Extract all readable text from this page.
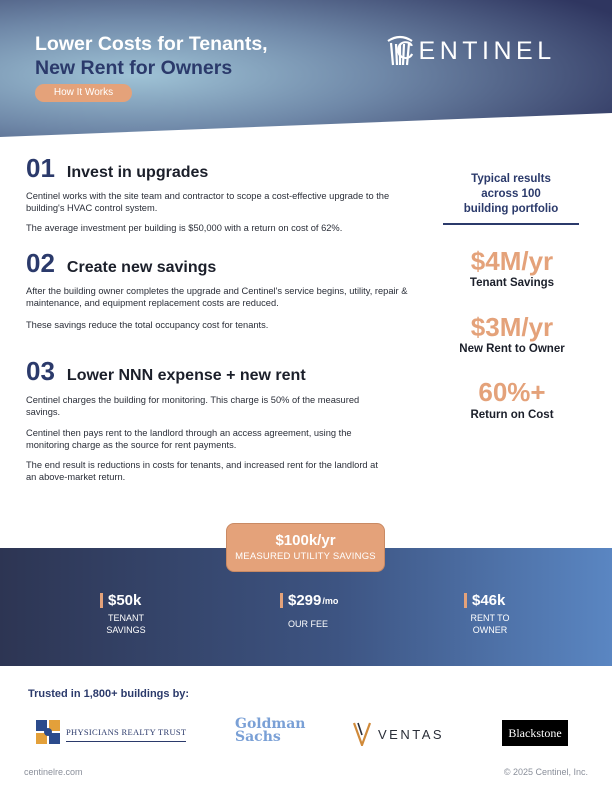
Lower Costs for Tenants,
New Rent for Owners
How It Works
CENTINEL
01 Invest in upgrades

Centinel works with the site team and contractor to scope a cost-effective upgrade to the building's HVAC control system.

The average investment per building is $50,000 with a return on cost of 62%.

02 Create new savings

After the building owner completes the upgrade and Centinel's service begins, utility, repair & maintenance, and equipment replacement costs are reduced.

These savings reduce the total occupancy cost for tenants.

03 Lower NNN expense + new rent

Centinel charges the building for monitoring. This charge is 50% of the measured savings.

Centinel then pays rent to the landlord through an access agreement, using the monitoring charge as the source for rent payments.

The end result is reductions in costs for tenants, and increased rent for the landlord at an above-market return.

Typical results
across 100
building portfolio
$4M/yr
Tenant Savings
$3M/yr
New Rent to Owner
60%+
Return on Cost
$100k/yr
MEASURED UTILITY SAVINGS
$50k
TENANT
SAVINGS
$299 /mo
OUR FEE
$46k
RENT TO
OWNER
Trusted in 1,800+ buildings by:
PHYSICIANS REALTY TRUST	Goldman
Sachs	VENTAS	Blackstone
centinelre.com	© 2025 Centinel, Inc.
